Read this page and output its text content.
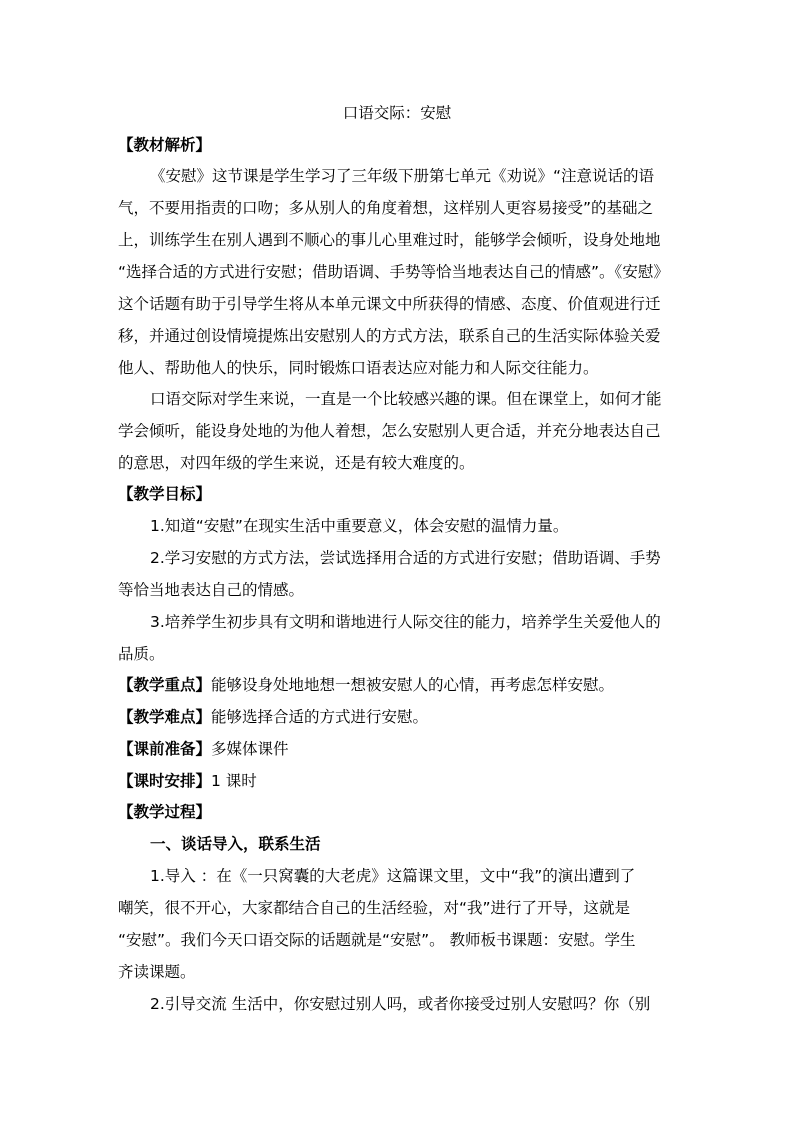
口语交际：安慰
【教材解析】
《安慰》这节课是学生学习了三年级下册第七单元《劝说》“注意说话的语
气，不要用指责的口吻；多从别人的角度着想，这样别人更容易接受”的基础之
上，训练学生在别人遇到不顺心的事儿心里难过时，能够学会倾听，设身处地地
“选择合适的方式进行安慰；借助语调、手势等恰当地表达自己的情感”。《安慰》
这个话题有助于引导学生将从本单元课文中所获得的情感、态度、价值观进行迁
移，并通过创设情境提炼出安慰别人的方式方法，联系自己的生活实际体验关爱
他人、帮助他人的快乐，同时锻炼口语表达应对能力和人际交往能力。
口语交际对学生来说，一直是一个比较感兴趣的课。但在课堂上，如何才能
学会倾听，能设身处地的为他人着想，怎么安慰别人更合适，并充分地表达自己
的意思，对四年级的学生来说，还是有较大难度的。
【教学目标】
1.知道“安慰”在现实生活中重要意义，体会安慰的温情力量。
2.学习安慰的方式方法，尝试选择用合适的方式进行安慰；借助语调、手势
等恰当地表达自己的情感。
3.培养学生初步具有文明和谐地进行人际交往的能力，培养学生关爱他人的
品质。
【教学重点】能够设身处地地想一想被安慰人的心情，再考虑怎样安慰。
【教学难点】能够选择合适的方式进行安慰。
【课前准备】多媒体课件
【课时安排】1 课时
【教学过程】
一、谈话导入，联系生活
1.导入 ：在《一只窝囊的大老虎》这篇课文里，文中“我”的演出遭到了
嘲笑，很不开心，大家都结合自己的生活经验，对“我”进行了开导，这就是
“安慰”。我们今天口语交际的话题就是“安慰”。 教师板书课题：安慰。学生
齐读课题。
2.引导交流 生活中，你安慰过别人吗，或者你接受过别人安慰吗？你（别
